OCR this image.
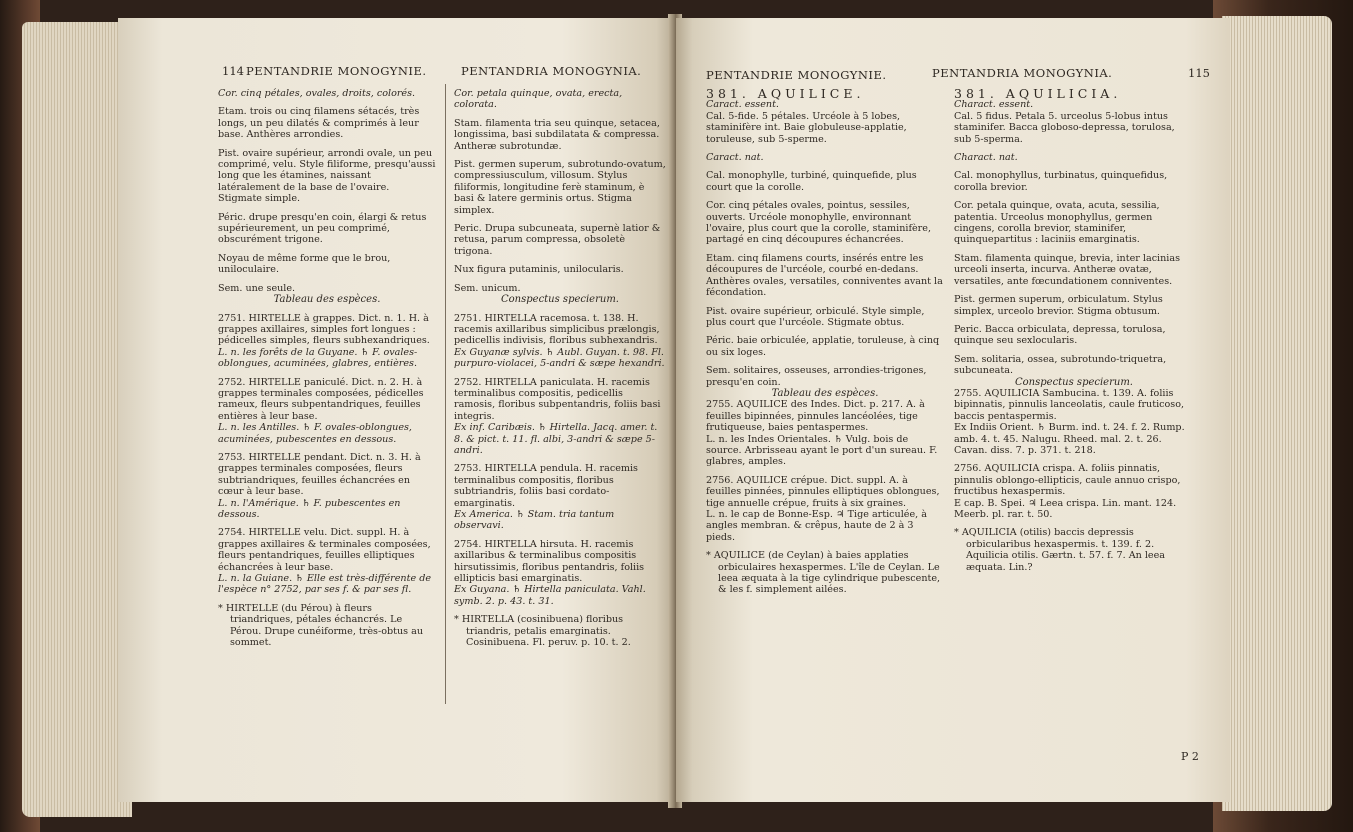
114 PENTANDRIE MONOGYNIE.	PENTANDRIA MONOGYNIA.

Cor. cinq pétales, ovales, droits, colorés.

Etam. trois ou cinq filamens sétacés, très longs, un peu dilatés & comprimés à leur base. Anthères arrondies.

Pist. ovaire supérieur, arrondi ovale, un peu comprimé, velu. Style filiforme, presqu'aussi long que les étamines, naissant latéralement de la base de l'ovaire. Stigmate simple.

Péric. drupe presqu'en coin, élargi & retus supérieurement, un peu comprimé, obscurément trigone.

Noyau de même forme que le brou, uniloculaire.

Sem. une seule.

Tableau des espèces.

2751. HIRTELLE à grappes. Dict. n. 1. H. à grappes axillaires, simples fort longues : pédicelles simples, fleurs subhexandriques.

L. n. les forêts de la Guyane. ♄ F. ovales-oblongues, acuminées, glabres, entières.

2752. HIRTELLE paniculé. Dict. n. 2. H. à grappes terminales composées, pédicelles rameux, fleurs subpentandriques, feuilles entières à leur base.

L. n. les Antilles. ♄ F. ovales-oblongues, acuminées, pubescentes en dessous.

2753. HIRTELLE pendant. Dict. n. 3. H. à grappes terminales composées, fleurs subtriandriques, feuilles échancrées en cœur à leur base.

L. n. l'Amérique. ♄ F. pubescentes en dessous.

2754. HIRTELLE velu. Dict. suppl. H. à grappes axillaires & terminales composées, fleurs pentandriques, feuilles elliptiques échancrées à leur base.

L. n. la Guiane. ♄ Elle est très-différente de l'espèce n° 2752, par ses f. & par ses fl.

* HIRTELLE (du Pérou) à fleurs triandriques, pétales échancrés. Le Pérou. Drupe cunéiforme, très-obtus au sommet.

Cor. petala quinque, ovata, erecta, colorata.

Stam. filamenta tria seu quinque, setacea, longissima, basi subdilatata & compressa. Antheræ subrotundæ.

Pist. germen superum, subrotundo-ovatum, compressiusculum, villosum. Stylus filiformis, longitudine ferè staminum, è basi & latere germinis ortus. Stigma simplex.

Peric. Drupa subcuneata, supernè latior & retusa, parum compressa, obsoletè trigona.

Nux figura putaminis, unilocularis.

Sem. unicum.

Conspectus specierum.

2751. HIRTELLA racemosa. t. 138. H. racemis axillaribus simplicibus prælongis, pedicellis indivisis, floribus subhexandris.

Ex Guyanæ sylvis. ♄ Aubl. Guyan. t. 98. Fl. purpuro-violacei, 5-andri & sæpe hexandri.

2752. HIRTELLA paniculata. H. racemis terminalibus compositis, pedicellis ramosis, floribus subpentandris, foliis basi integris.

Ex inf. Caribæis. ♄ Hirtella. Jacq. amer. t. 8. & pict. t. 11. fl. albi, 3-andri & sæpe 5-andri.

2753. HIRTELLA pendula. H. racemis terminalibus compositis, floribus subtriandris, foliis basi cordato-emarginatis.

Ex America. ♄ Stam. tria tantum observavi.

2754. HIRTELLA hirsuta. H. racemis axillaribus & terminalibus compositis hirsutissimis, floribus pentandris, foliis ellipticis basi emarginatis.

Ex Guyana. ♄ Hirtella paniculata. Vahl. symb. 2. p. 43. t. 31.

* HIRTELLA (cosinibuena) floribus triandris, petalis emarginatis. Cosinibuena. Fl. peruv. p. 10. t. 2.

PENTANDRIE MONOGYNIE.	PENTANDRIA MONOGYNIA.	115

381. AQUILICE.

Caract. essent.

Cal. 5-fide. 5 pétales. Urcéole à 5 lobes, staminifère int. Baie globuleuse-applatie, toruleuse, sub 5-sperme.

Caract. nat.

Cal. monophylle, turbiné, quinquefide, plus court que la corolle.

Cor. cinq pétales ovales, pointus, sessiles, ouverts. Urcéole monophylle, environnant l'ovaire, plus court que la corolle, staminifère, partagé en cinq découpures échancrées.

Etam. cinq filamens courts, insérés entre les découpures de l'urcéole, courbé en-dedans. Anthères ovales, versatiles, conniventes avant la fécondation.

Pist. ovaire supérieur, orbiculé. Style simple, plus court que l'urcéole. Stigmate obtus.

Péric. baie orbiculée, applatie, toruleuse, à cinq ou six loges.

Sem. solitaires, osseuses, arrondies-trigones, presqu'en coin.

Tableau des espèces.

2755. AQUILICE des Indes. Dict. p. 217. A. à feuilles bipinnées, pinnules lancéolées, tige frutiqueuse, baies pentaspermes.

L. n. les Indes Orientales. ♄ Vulg. bois de source. Arbrisseau ayant le port d'un sureau. F. glabres, amples.

2756. AQUILICE crépue. Dict. suppl. A. à feuilles pinnées, pinnules elliptiques oblongues, tige annuelle crépue, fruits à six graines.

L. n. le cap de Bonne-Esp. ♃ Tige articulée, à angles membran. & crêpus, haute de 2 à 3 pieds.

* AQUILICE (de Ceylan) à baies applaties orbiculaires hexaspermes. L'île de Ceylan. Le leea æquata à la tige cylindrique pubescente, & les f. simplement ailées.

381. AQUILICIA.

Charact. essent.

Cal. 5 fidus. Petala 5. urceolus 5-lobus intus staminifer. Bacca globoso-depressa, torulosa, sub 5-sperma.

Charact. nat.

Cal. monophyllus, turbinatus, quinquefidus, corolla brevior.

Cor. petala quinque, ovata, acuta, sessilia, patentia. Urceolus monophyllus, germen cingens, corolla brevior, staminifer, quinquepartitus : laciniis emarginatis.

Stam. filamenta quinque, brevia, inter lacinias urceoli inserta, incurva. Antheræ ovatæ, versatiles, ante fœcundationem conniventes.

Pist. germen superum, orbiculatum. Stylus simplex, urceolo brevior. Stigma obtusum.

Peric. Bacca orbiculata, depressa, torulosa, quinque seu sexlocularis.

Sem. solitaria, ossea, subrotundo-triquetra, subcuneata.

Conspectus specierum.

2755. AQUILICIA Sambucina. t. 139. A. foliis bipinnatis, pinnulis lanceolatis, caule fruticoso, baccis pentaspermis.

Ex Indiis Orient. ♄ Burm. ind. t. 24. f. 2. Rump. amb. 4. t. 45. Nalugu. Rheed. mal. 2. t. 26. Cavan. diss. 7. p. 371. t. 218.

2756. AQUILICIA crispa. A. foliis pinnatis, pinnulis oblongo-ellipticis, caule annuo crispo, fructibus hexaspermis.

E cap. B. Spei. ♃ Leea crispa. Lin. mant. 124. Meerb. pl. rar. t. 50.

* AQUILICIA (otilis) baccis depressis orbicularibus hexaspermis. t. 139. f. 2. Aquilicia otilis. Gærtn. t. 57. f. 7. An leea æquata. Lin.?

P 2
